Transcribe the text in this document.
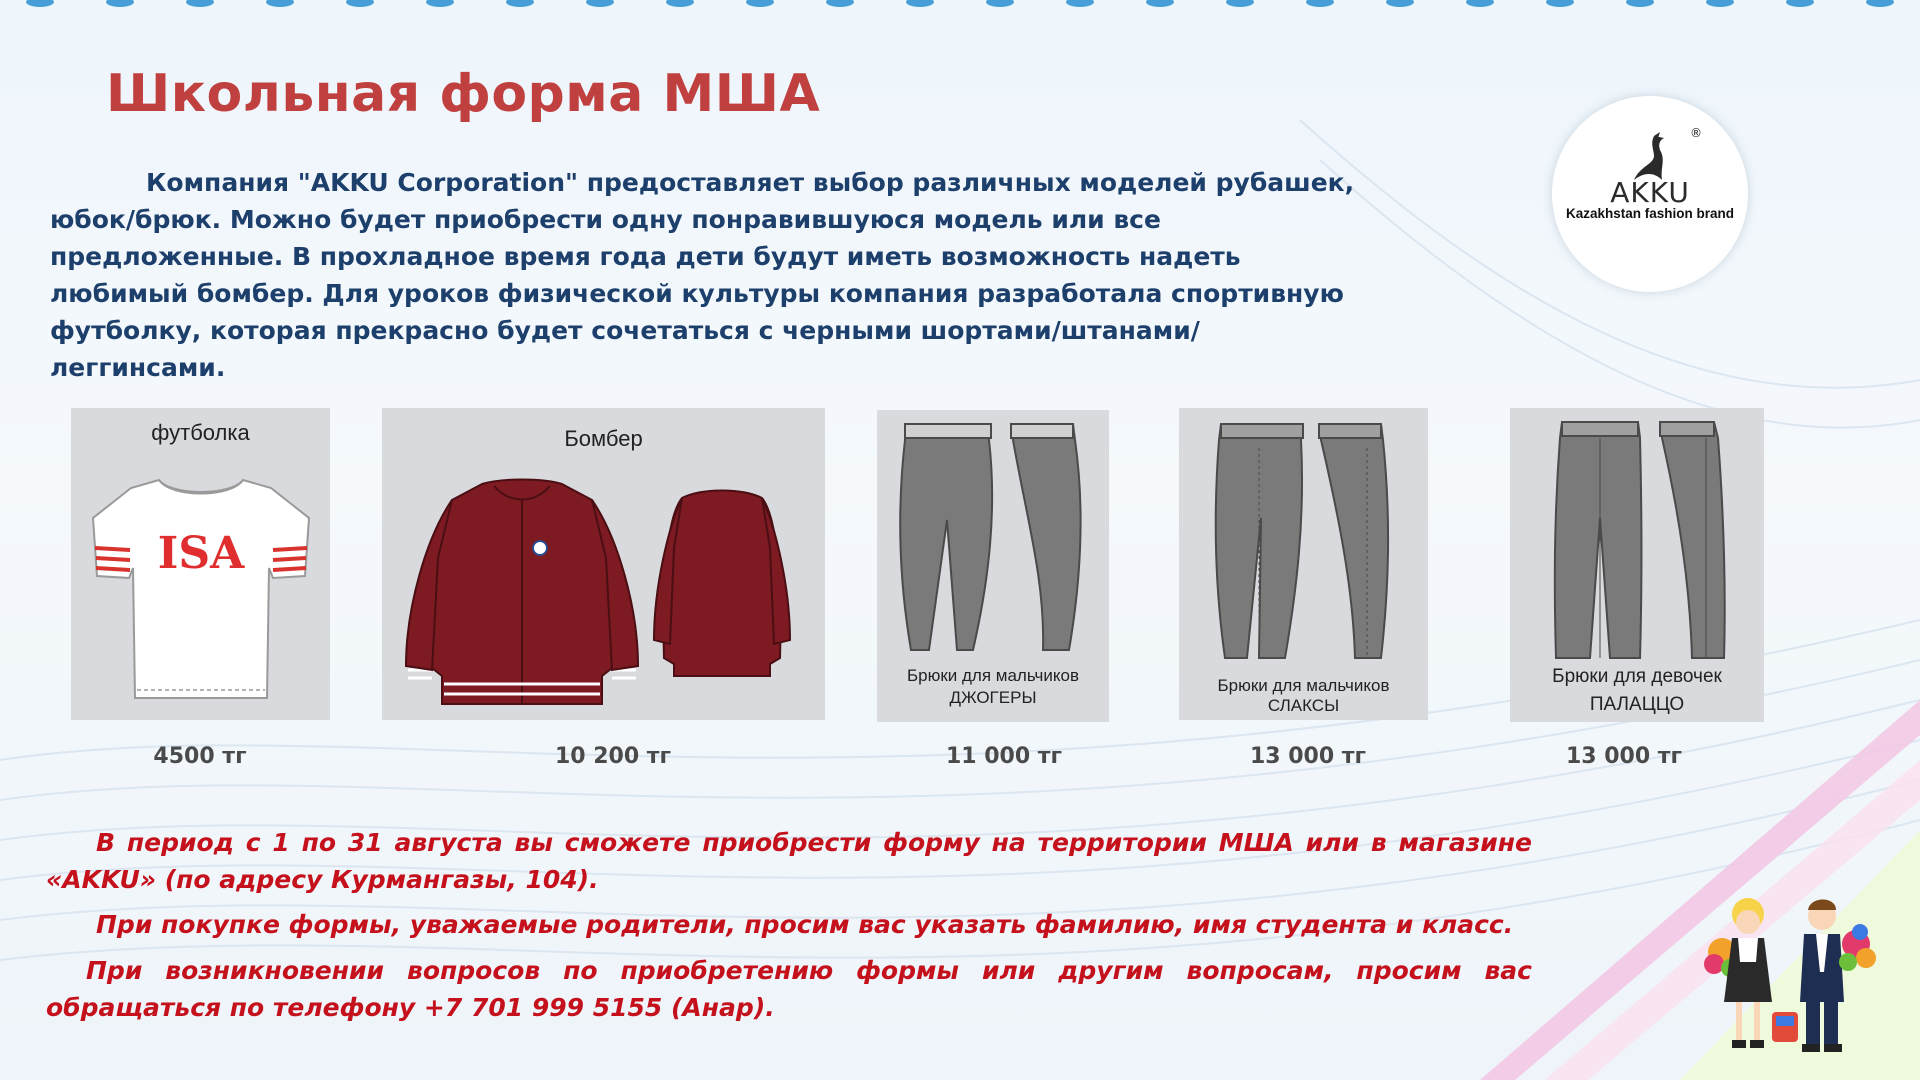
Школьная форма МША

Компания "AKKU Corporation" предоставляет выбор различных моделей рубашек, юбок/брюк. Можно будет приобрести одну понравившуюся модель или все предложенные. В прохладное время года дети будут иметь возможность надеть любимый бомбер. Для уроков физической культуры компания разработала спортивную футболку, которая прекрасно будет сочетаться с черными шортами/штанами/леггинсами.

®
AKKU
Kazakhstan fashion brand
футболка
ISA
Бомбер
Брюки для мальчиков
ДЖОГЕРЫ
Брюки для мальчиков
СЛАКСЫ
Брюки для девочек
ПАЛАЦЦО
4500 тг	10 200 тг	11 000 тг	13 000 тг	13 000 тг

В период с 1 по 31 августа вы сможете приобрести форму на территории МША или в магазине «AKKU» (по адресу Курмангазы, 104).

При покупке формы, уважаемые родители, просим вас указать фамилию, имя студента и класс.

При возникновении вопросов по приобретению формы или другим вопросам, просим вас обращаться по телефону +7 701 999 5155 (Анар).
